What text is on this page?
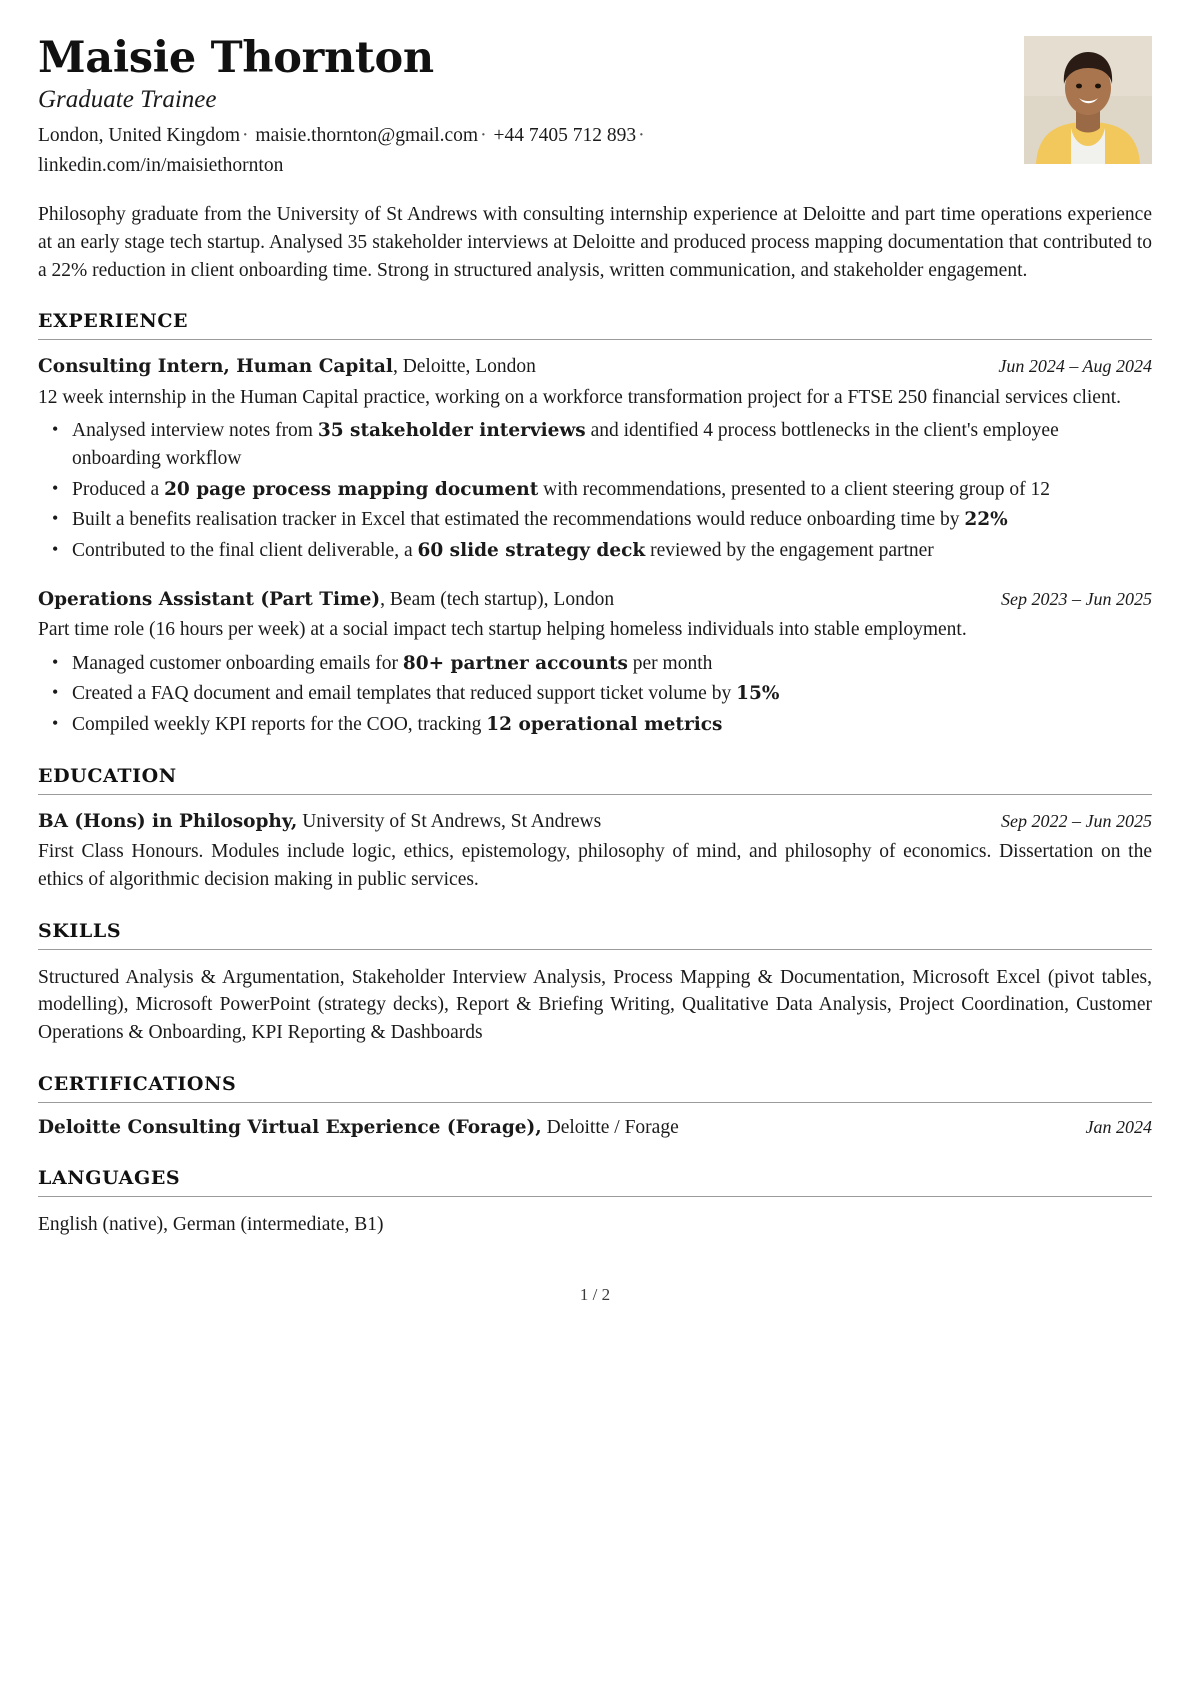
Maisie Thornton
Graduate Trainee
London, United Kingdom · maisie.thornton@gmail.com · +44 7405 712 893 · linkedin.com/in/maisiethornton
Philosophy graduate from the University of St Andrews with consulting internship experience at Deloitte and part time operations experience at an early stage tech startup. Analysed 35 stakeholder interviews at Deloitte and produced process mapping documentation that contributed to a 22% reduction in client onboarding time. Strong in structured analysis, written communication, and stakeholder engagement.
EXPERIENCE
Consulting Intern, Human Capital, Deloitte, London	Jun 2024 – Aug 2024
12 week internship in the Human Capital practice, working on a workforce transformation project for a FTSE 250 financial services client.
• Analysed interview notes from 35 stakeholder interviews and identified 4 process bottlenecks in the client's employee onboarding workflow
• Produced a 20 page process mapping document with recommendations, presented to a client steering group of 12
• Built a benefits realisation tracker in Excel that estimated the recommendations would reduce onboarding time by 22%
• Contributed to the final client deliverable, a 60 slide strategy deck reviewed by the engagement partner
Operations Assistant (Part Time), Beam (tech startup), London	Sep 2023 – Jun 2025
Part time role (16 hours per week) at a social impact tech startup helping homeless individuals into stable employment.
• Managed customer onboarding emails for 80+ partner accounts per month
• Created a FAQ document and email templates that reduced support ticket volume by 15%
• Compiled weekly KPI reports for the COO, tracking 12 operational metrics
EDUCATION
BA (Hons) in Philosophy, University of St Andrews, St Andrews	Sep 2022 – Jun 2025
First Class Honours. Modules include logic, ethics, epistemology, philosophy of mind, and philosophy of economics. Dissertation on the ethics of algorithmic decision making in public services.
SKILLS
Structured Analysis & Argumentation, Stakeholder Interview Analysis, Process Mapping & Documentation, Microsoft Excel (pivot tables, modelling), Microsoft PowerPoint (strategy decks), Report & Briefing Writing, Qualitative Data Analysis, Project Coordination, Customer Operations & Onboarding, KPI Reporting & Dashboards
CERTIFICATIONS
Deloitte Consulting Virtual Experience (Forage), Deloitte / Forage	Jan 2024
LANGUAGES
English (native), German (intermediate, B1)
1 / 2
